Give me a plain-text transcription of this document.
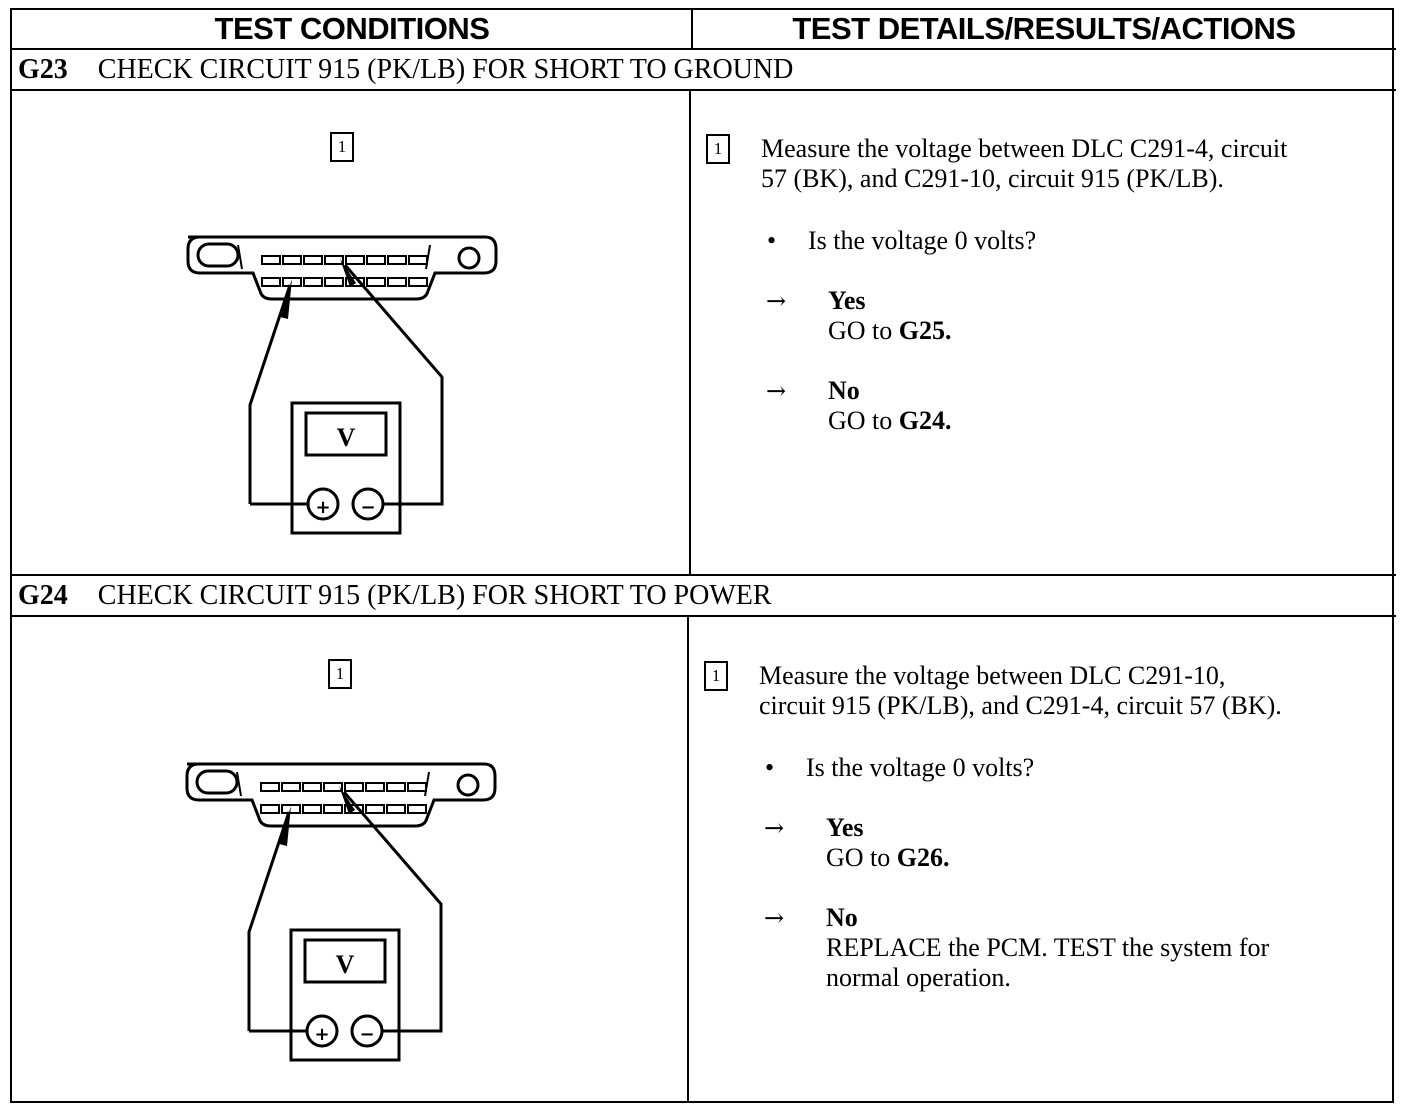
TEST CONDITIONS	TEST DETAILS/RESULTS/ACTIONS
G23 CHECK CIRCUIT 915 (PK/LB) FOR SHORT TO GROUND
1
V
+ −
1 Measure the voltage between DLC C291-4, circuit
57 (BK), and C291-10, circuit 915 (PK/LB).
• Is the voltage 0 volts?
→ Yes
GO to G25.
→ No
GO to G24.
G24 CHECK CIRCUIT 915 (PK/LB) FOR SHORT TO POWER
1
V
+ −
1 Measure the voltage between DLC C291-10,
circuit 915 (PK/LB), and C291-4, circuit 57 (BK).
• Is the voltage 0 volts?
→ Yes
GO to G26.
→ No
REPLACE the PCM. TEST the system for
normal operation.
